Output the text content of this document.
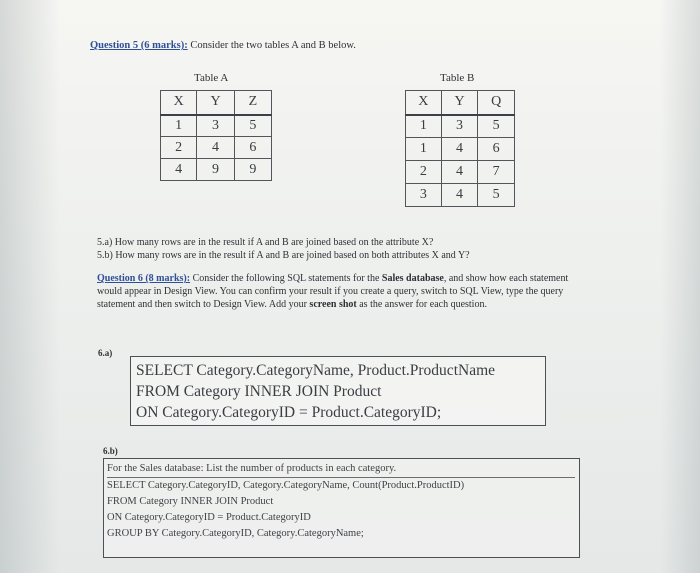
Question 5 (6 marks): Consider the two tables A and B below.
Table A
X	Y	Z
1	3	5
2	4	6
4	9	9
Table B
X	Y	Q
1	3	5
1	4	6
2	4	7
3	4	5
5.a) How many rows are in the result if A and B are joined based on the attribute X?
5.b) How many rows are in the result if A and B are joined based on both attributes X and Y?
Question 6 (8 marks): Consider the following SQL statements for the Sales database, and show how each statement would appear in Design View. You can confirm your result if you create a query, switch to SQL View, type the query statement and then switch to Design View. Add your screen shot as the answer for each question.
6.a)
SELECT Category.CategoryName, Product.ProductName
FROM Category INNER JOIN Product
ON Category.CategoryID = Product.CategoryID;
6.b)
For the Sales database: List the number of products in each category.
SELECT Category.CategoryID, Category.CategoryName, Count(Product.ProductID)
FROM Category INNER JOIN Product
ON Category.CategoryID = Product.CategoryID
GROUP BY Category.CategoryID, Category.CategoryName;
